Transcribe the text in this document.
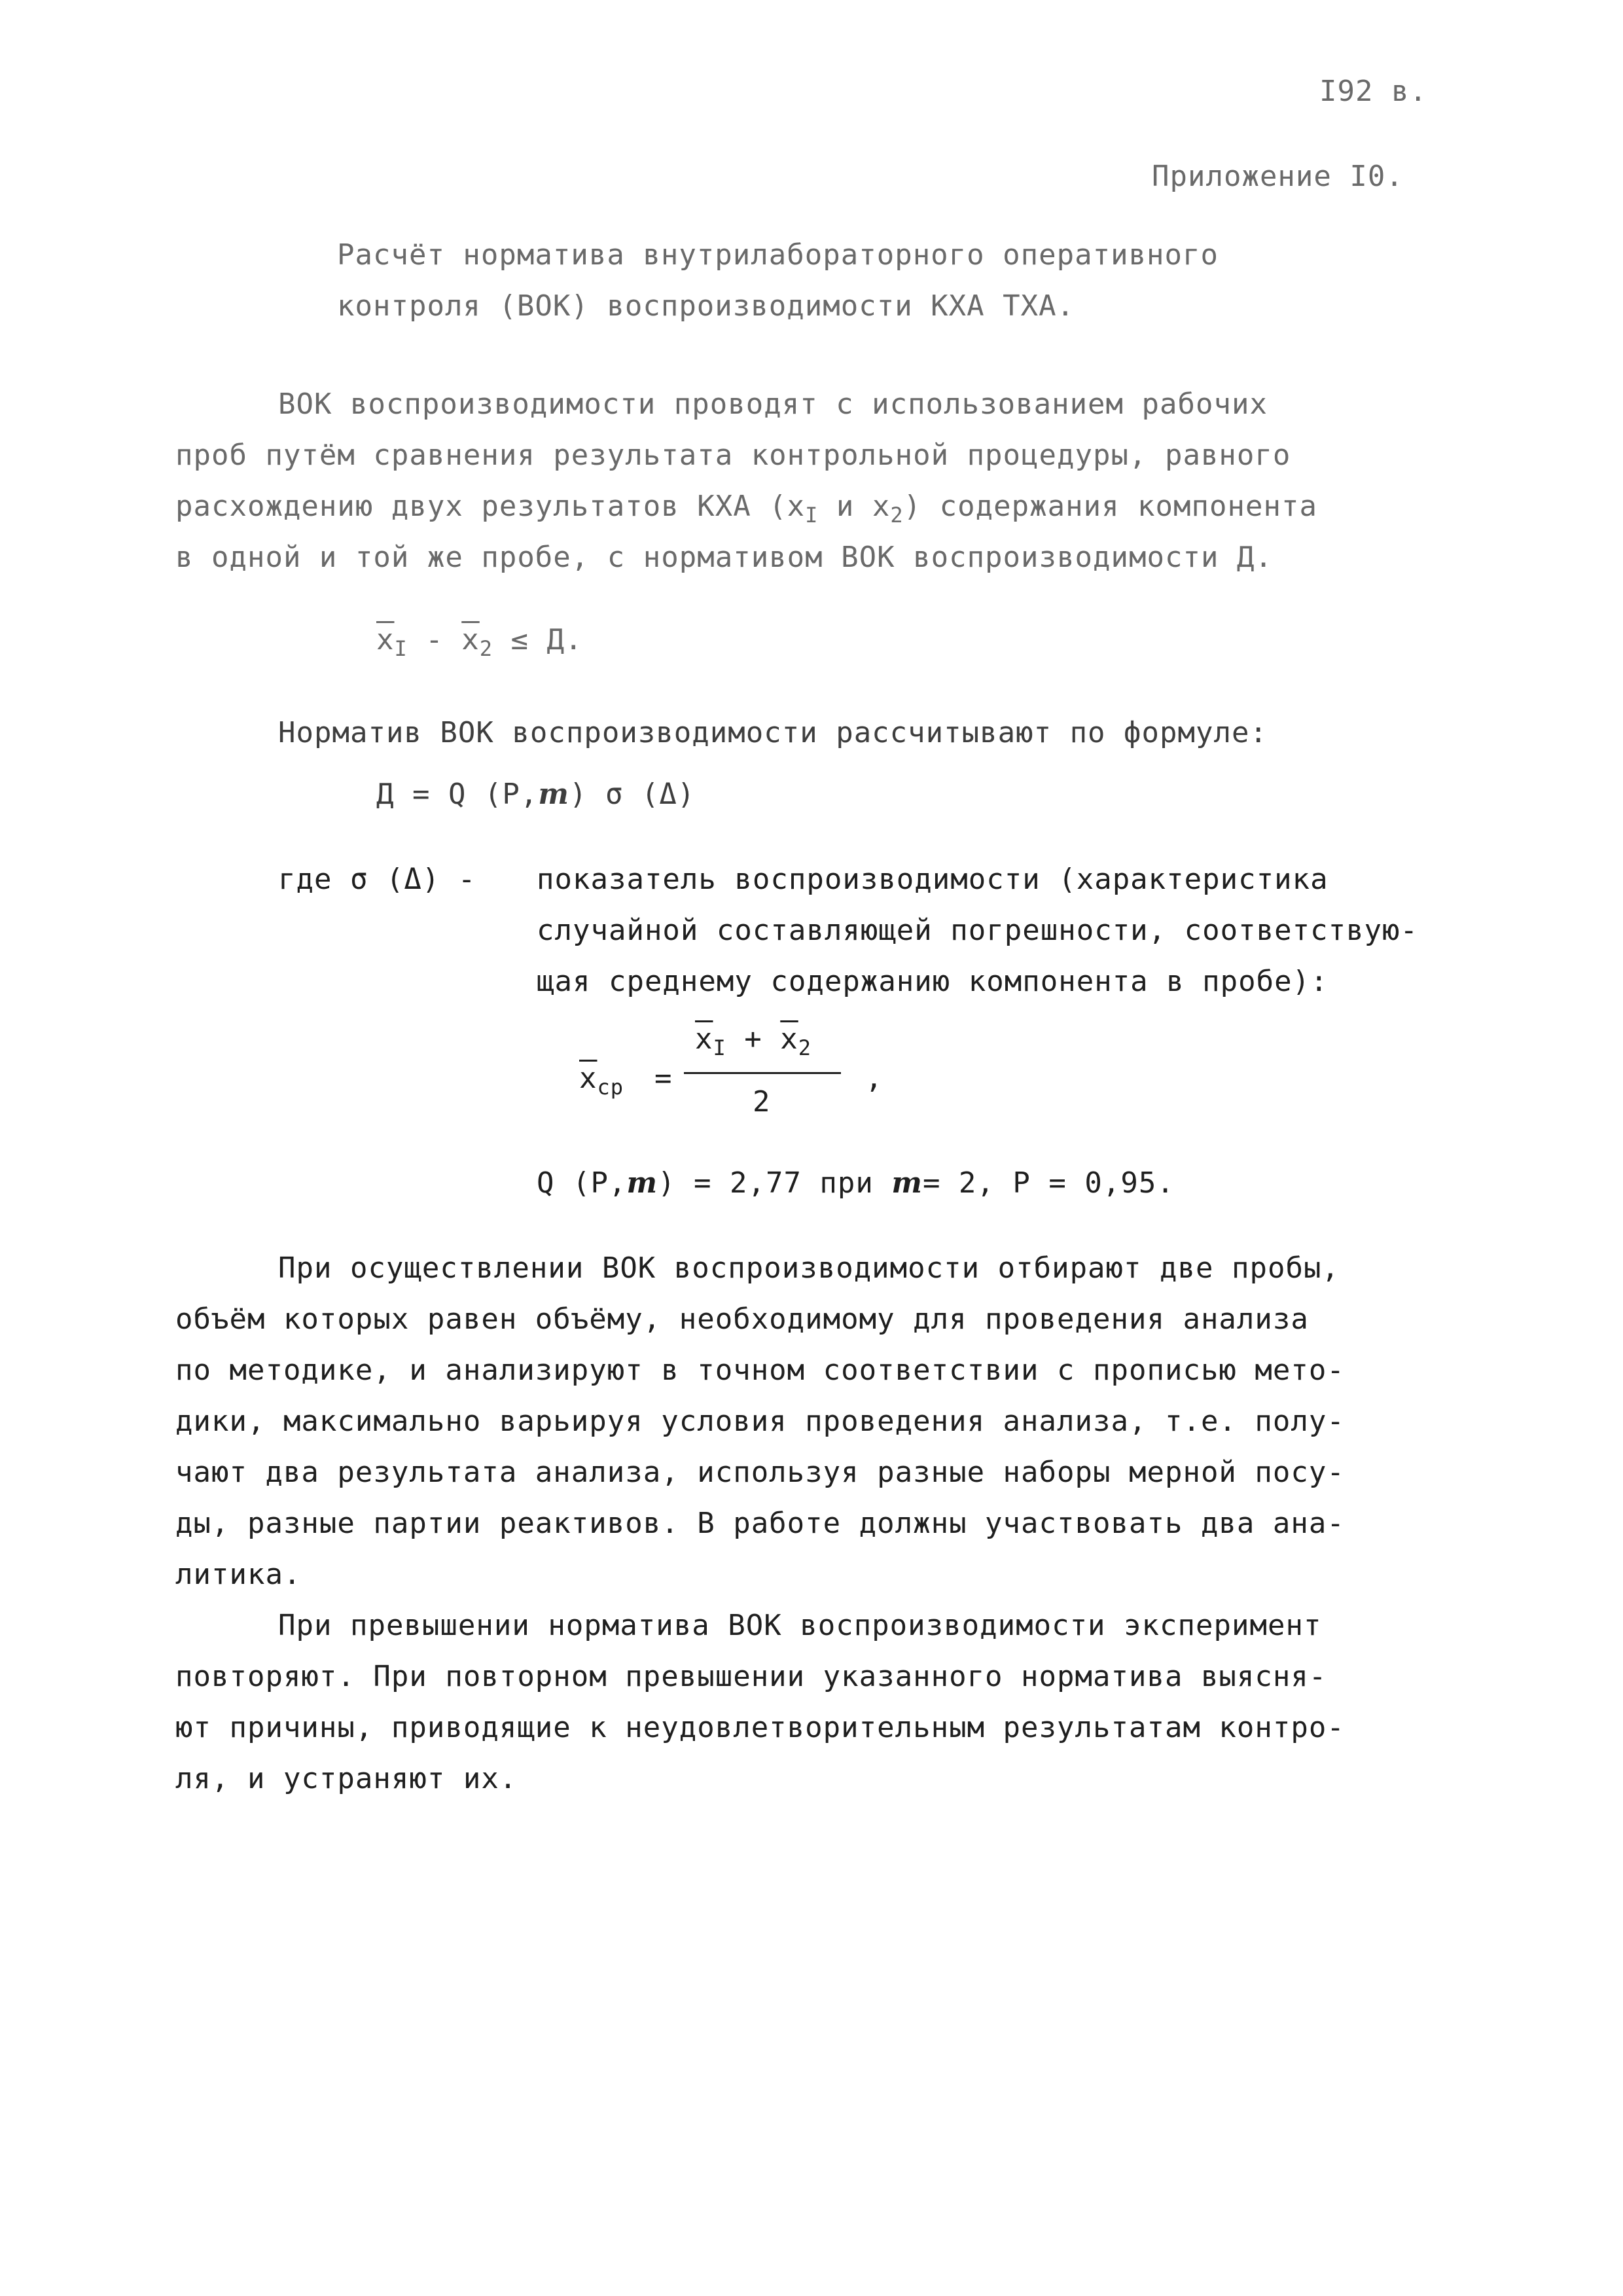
I92 в.
Приложение I0.
Расчёт норматива внутрилабораторного оперативного
контроля (ВОК) воспроизводимости КХА ТХА.
ВОК воспроизводимости проводят с использованием рабочих
проб путём сравнения результата контрольной процедуры, равного
расхождению двух результатов КХА ($x_I$ и $x_2$) содержания компонента
в одной и той же пробе, с нормативом ВОК воспроизводимости Д.
$\overline{x}_I - \overline{x}_2 \le Д$.
Норматив ВОК воспроизводимости рассчитывают по формуле:
Д = Q (P,m) σ (Δ)
где σ (Δ) - показатель воспроизводимости (характеристика
случайной составляющей погрешности, соответствую-
щая среднему содержанию компонента в пробе):
$\overline{x}_{ср}$ =
$\overline{x}_I + \overline{x}_2$
2
,
Q (P,m) = 2,77 при m= 2, P = 0,95.
При осуществлении ВОК воспроизводимости отбирают две пробы,
объём которых равен объёму, необходимому для проведения анализа
по методике, и анализируют в точном соответствии с прописью мето-
дики, максимально варьируя условия проведения анализа, т.е. полу-
чают два результата анализа, используя разные наборы мерной посу-
ды, разные партии реактивов. В работе должны участвовать два ана-
литика.
При превышении норматива ВОК воспроизводимости эксперимент
повторяют. При повторном превышении указанного норматива выясня-
ют причины, приводящие к неудовлетворительным результатам контро-
ля, и устраняют их.
